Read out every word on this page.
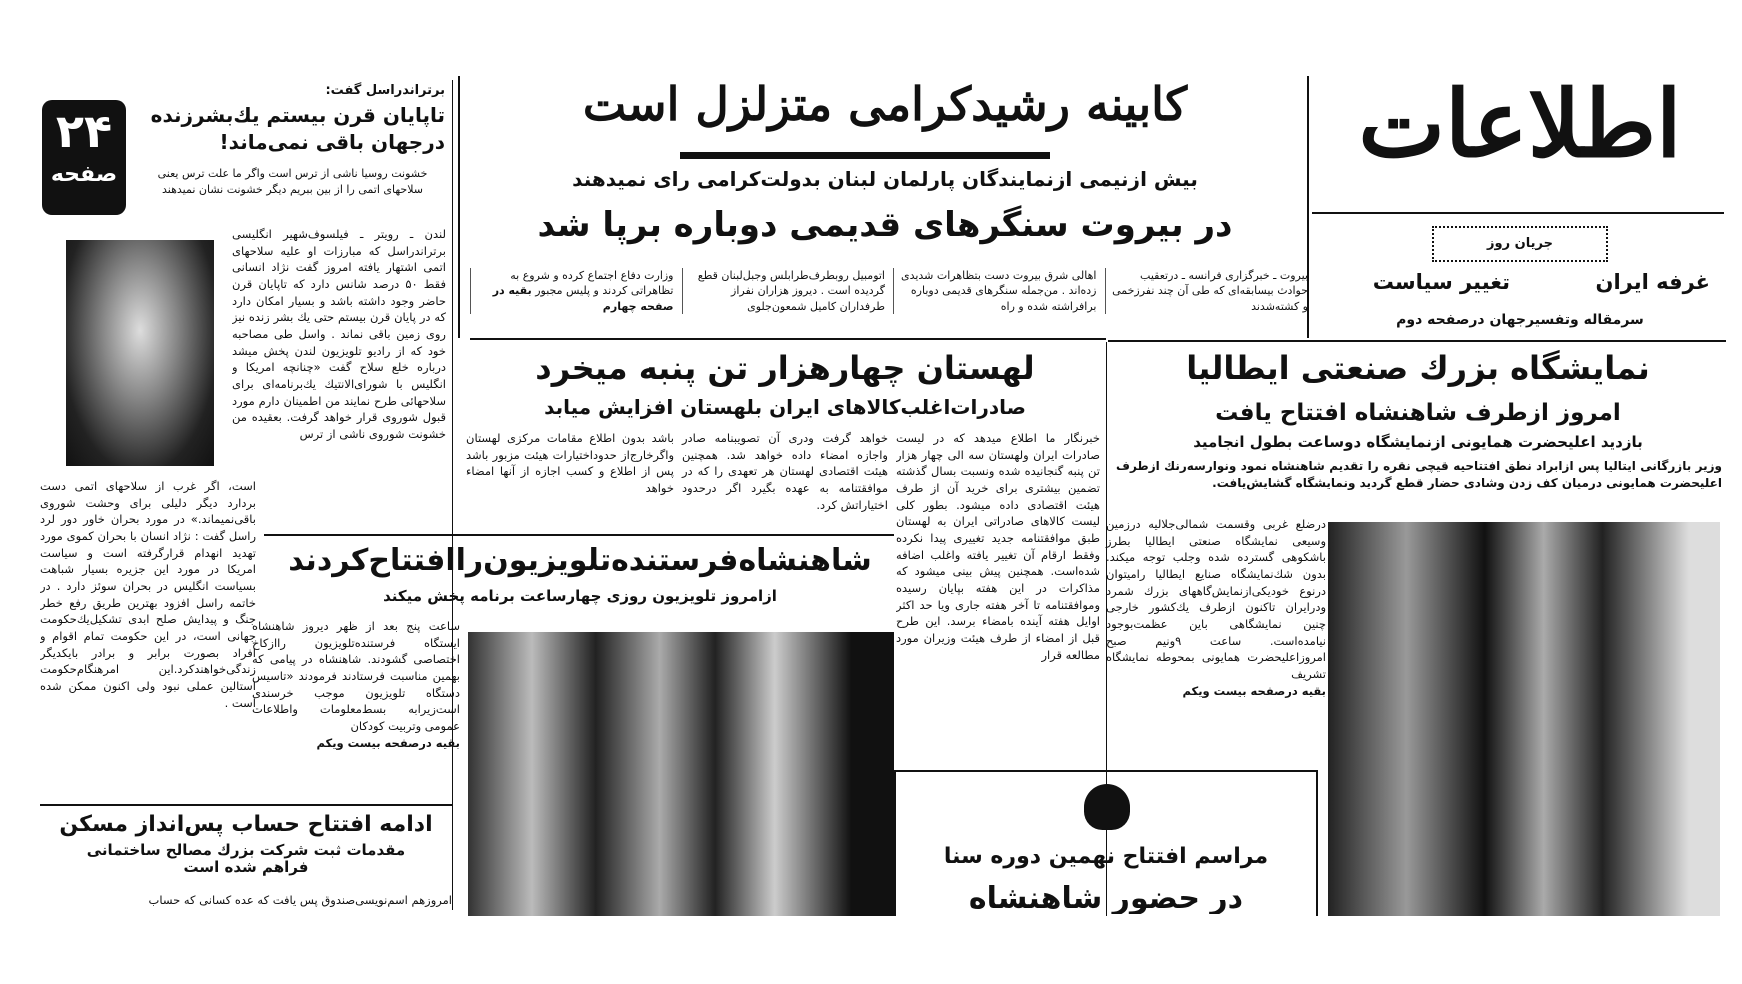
اطلاعات
جریان روز
غرفه ایران
تغییر سیاست
سرمقاله وتفسیرجهان درصفحه دوم
کابینه رشیدکرامی متزلزل است
بیش ازنیمی ازنمایندگان پارلمان لبنان بدولت‌کرامی رای نمیدهند
در بیروت سنگرهای قدیمی دوباره برپا شد
بیروت ـ خبرگزاری فرانسه ـ درتعقیب حوادث بیسابقه‌ای که طی آن چند نفرزخمی و کشته‌شدند
اهالی شرق بیروت دست بتظاهرات شدیدی زده‌اند . من‌جمله سنگرهای قدیمی دوباره برافراشته شده و راه
اتومبیل روبطرف‌طرابلس وجبل‌لبنان قطع گردیده است . دیروز هزاران نفراز طرفداران کامیل شمعون‌جلوی
وزارت دفاع اجتماع کرده و شروع به تظاهراتی کردند و پلیس مجبور بقیه در صفحه چهارم
۲۴
صفحه
برتراندراسل گفت:
تاپایان قرن بیستم یك‌بشرزنده درجهان باقی نمی‌ماند!
خشونت روسیا ناشی از ترس است واگر ما علت ترس یعنی سلاحهای اتمی را از بین ببریم دیگر خشونت نشان نمیدهند
لندن ـ رویتر ـ فیلسوف‌شهیر انگلیسی برتراندراسل که مبارزات او علیه سلاحهای اتمی اشتهار یافته امروز گفت نژاد انسانی فقط ۵۰ درصد شانس دارد که تاپایان قرن حاضر وجود داشته باشد و بسیار امکان دارد که در پایان قرن بیستم حتی یك بشر زنده نیز روی زمین باقی نماند . واسل طی مصاحبه خود که از رادیو تلویزیون لندن پخش میشد درباره خلع سلاح گفت «چنانچه امریکا و انگلیس با شورای‌الانتیك یك‌برنامه‌ای برای سلاحهائی طرح نمایند من اطمینان دارم مورد قبول شوروی قرار خواهد گرفت. بعقیده من خشونت شوروی ناشی از ترس
است، اگر غرب از سلاحهای اتمی دست بردارد دیگر دلیلی برای وحشت شوروی باقی‌نمیماند.» در مورد بحران خاور دور لرد راسل گفت : نژاد انسان با بحران کموی مورد تهدید انهدام قرارگرفته است و سیاست امریکا در مورد این جزیره بسیار شباهت بسیاست انگلیس در بحران سوئز دارد . در خاتمه راسل افزود بهترین طریق رفع خطر جنگ و پیدایش صلح ابدی تشکیل‌یك‌حکومت جهانی است، در این حکومت تمام اقوام و افراد بصورت برابر و برادر بایکدیگر زندگی‌خواهندکرد.این امرهنگام‌حکومت استالین عملی نبود ولی اکنون ممکن شده است .
ادامه افتتاح حساب پس‌انداز مسکن
مقدمات ثبت شرکت بزرك مصالح ساختمانی فراهم شده است
امروزهم اسم‌نویسی‌صندوق پس‌ یافت که عده کسانی که حساب
لهستان چهارهزار تن پنبه میخرد
صادرات‌اغلب‌کالاهای ایران بلهستان افزایش میابد
خبرنگار ما اطلاع میدهد که در لیست صادرات ایران ولهستان سه الی چهار هزار تن پنبه گنجانیده شده ونسبت بسال گذشته تضمین بیشتری برای خرید آن از طرف هیئت اقتصادی داده میشود. بطور کلی لیست کالاهای صادراتی ایران به لهستان طبق موافقتنامه جدید تغییری پیدا نکرده وفقط ارقام آن تغییر یافته واغلب اضافه شده‌است. همچنین پیش بینی میشود که مذاکرات در این هفته بپایان رسیده وموافقتنامه تا آخر هفته جاری ویا حد اکثر اوایل هفته آینده بامضاء برسد. این طرح قبل از امضاء از طرف هیئت وزیران مورد مطالعه قرار
خواهد گرفت ودری آن تصویبنامه صادر واجازه امضاء داده خواهد شد. همچنین هیئت اقتصادی لهستان هر تعهدی را که در موافقتنامه به عهده بگیرد اگر درحدود اختیاراتش کرد.
باشد بدون اطلاع مقامات مرکزی لهستان واگرخارج‌از حدوداختیارات هیئت مزبور باشد پس از اطلاع و کسب اجازه از آنها امضاء خواهد
شاهنشاه‌فرستنده‌تلویزیون‌راافتتاح‌کردند
ازامروز تلویزیون روزی چهارساعت برنامه پخش میکند
ساعت پنج بعد از ظهر دیروز شاهنشاه ایستگاه فرستنده‌تلویزیون راازکاخ اختصاصی گشودند. شاهنشاه در پیامی که بهمین مناسبت فرستادند فرمودند «تاسیس دستگاه تلویزیون موجب خرسندی است‌زیرا‌به بسط‌معلومات واطلاعات عمومی وتربیت کودکان
بقیه درصفحه بیست ویکم
نمایشگاه بزرك صنعتی ایطالیا
امروز ازطرف شاهنشاه افتتاح یافت
بازدید اعلیحضرت همایونی ازنمایشگاه دوساعت بطول انجامید
وزیر بازرگانی ایتالیا پس ازابراد نطق افتتاحیه قیچی نقره را تقدیم شاهنشاه نمود ونوارسه‌رنك ازطرف اعلیحضرت همایونی درمیان کف زدن وشادی حضار قطع گردید ونمایشگاه گشایش‌یافت.
درضلع غربی وقسمت شمالی‌جلالیه درزمین وسیعی نمایشگاه صنعتی ایطالیا بطرز باشکوهی گسترده شده وجلب توجه میکند. بدون شك‌نمایشگاه صنایع ایطالیا رامیتوان درنوع خودیکی‌ازنمایش‌گاههای بزرك شمرد ودرایران تاکنون ازطرف یك‌کشور خارجی چنین نمایشگاهی باین عظمت‌بوجود نیامده‌است. ساعت ۹ونیم صبح امروزاعلیحضرت همایونی بمحوطه نمایشگاه تشریف
بقیه درصفحه بیست ویکم
مراسم افتتاح نهمین دوره سنا
در حضور شاهنشاه
